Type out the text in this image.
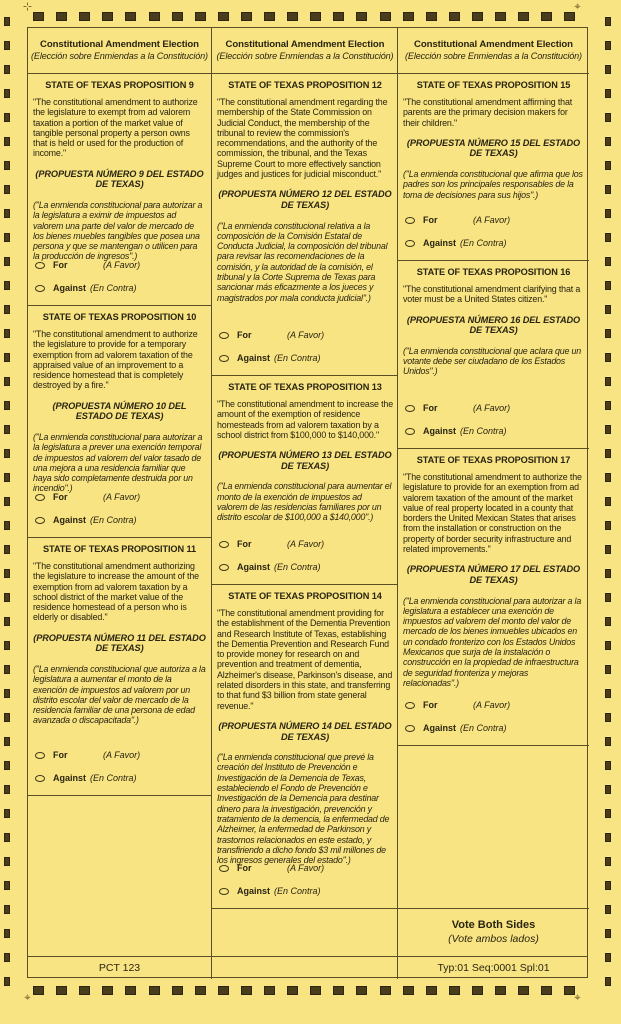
⊹	⌖
⌖	⌖
Constitutional Amendment Election
(Elección sobre Enmiendas a la Constitución)
STATE OF TEXAS PROPOSITION 9
"The constitutional amendment to authorize the legislature to exempt from ad valorem taxation a portion of the market value of tangible personal property a person owns that is held or used for the production of income."
(PROPUESTA NÚMERO 9 DEL ESTADO DE TEXAS)
("La enmienda constitucional para autorizar a la legislatura a eximir de impuestos ad valorem una parte del valor de mercado de los bienes muebles tangibles que posea una persona y que se mantengan o utilicen para la producción de ingresos".)
For	(A Favor)
Against (En Contra)
STATE OF TEXAS PROPOSITION 10
"The constitutional amendment to authorize the legislature to provide for a temporary exemption from ad valorem taxation of the appraised value of an improvement to a residence homestead that is completely destroyed by a fire."
(PROPUESTA NÚMERO 10 DEL ESTADO DE TEXAS)
("La enmienda constitucional para autorizar a la legislatura a prever una exención temporal de impuestos ad valorem del valor tasado de una mejora a una residencia familiar que haya sido completamente destruida por un incendio".)
For	(A Favor)
Against (En Contra)
STATE OF TEXAS PROPOSITION 11
"The constitutional amendment authorizing the legislature to increase the amount of the exemption from ad valorem taxation by a school district of the market value of the residence homestead of a person who is elderly or disabled."
(PROPUESTA NÚMERO 11 DEL ESTADO DE TEXAS)
("La enmienda constitucional que autoriza a la legislatura a aumentar el monto de la exención de impuestos ad valorem por un distrito escolar del valor de mercado de la residencia familiar de una persona de edad avanzada o discapacitada".)
For	(A Favor)
Against (En Contra)
Constitutional Amendment Election
(Elección sobre Enmiendas a la Constitución)
STATE OF TEXAS PROPOSITION 12
"The constitutional amendment regarding the membership of the State Commission on Judicial Conduct, the membership of the tribunal to review the commission's recommendations, and the authority of the commission, the tribunal, and the Texas Supreme Court to more effectively sanction judges and justices for judicial misconduct."
(PROPUESTA NÚMERO 12 DEL ESTADO DE TEXAS)
("La enmienda constitucional relativa a la composición de la Comisión Estatal de Conducta Judicial, la composición del tribunal para revisar las recomendaciones de la comisión, y la autoridad de la comisión, el tribunal y la Corte Suprema de Texas para sancionar más eficazmente a los jueces y magistrados por mala conducta judicial".)
For	(A Favor)
Against (En Contra)
STATE OF TEXAS PROPOSITION 13
"The constitutional amendment to increase the amount of the exemption of residence homesteads from ad valorem taxation by a school district from $100,000 to $140,000."
(PROPUESTA NÚMERO 13 DEL ESTADO DE TEXAS)
("La enmienda constitucional para aumentar el monto de la exención de impuestos ad valorem de las residencias familiares por un distrito escolar de $100,000 a $140,000".)
For	(A Favor)
Against (En Contra)
STATE OF TEXAS PROPOSITION 14
"The constitutional amendment providing for the establishment of the Dementia Prevention and Research Institute of Texas, establishing the Dementia Prevention and Research Fund to provide money for research on and prevention and treatment of dementia, Alzheimer's disease, Parkinson's disease, and related disorders in this state, and transferring to that fund $3 billion from state general revenue."
(PROPUESTA NÚMERO 14 DEL ESTADO DE TEXAS)
("La enmienda constitucional que prevé la creación del Instituto de Prevención e Investigación de la Demencia de Texas, estableciendo el Fondo de Prevención e Investigación de la Demencia para destinar dinero para la investigación, prevención y tratamiento de la demencia, la enfermedad de Alzheimer, la enfermedad de Parkinson y trastornos relacionados en este estado, y transfiriendo a dicho fondo $3 mil millones de los ingresos generales del estado".)
For	(A Favor)
Against (En Contra)
Constitutional Amendment Election
(Elección sobre Enmiendas a la Constitución)
STATE OF TEXAS PROPOSITION 15
"The constitutional amendment affirming that parents are the primary decision makers for their children."
(PROPUESTA NÚMERO 15 DEL ESTADO DE TEXAS)
("La enmienda constitucional que afirma que los padres son los principales responsables de la toma de decisiones para sus hijos".)
For	(A Favor)
Against (En Contra)
STATE OF TEXAS PROPOSITION 16
"The constitutional amendment clarifying that a voter must be a United States citizen."
(PROPUESTA NÚMERO 16 DEL ESTADO DE TEXAS)
("La enmienda constitucional que aclara que un votante debe ser ciudadano de los Estados Unidos".)
For	(A Favor)
Against (En Contra)
STATE OF TEXAS PROPOSITION 17
"The constitutional amendment to authorize the legislature to provide for an exemption from ad valorem taxation of the amount of the market value of real property located in a county that borders the United Mexican States that arises from the installation or construction on the property of border security infrastructure and related improvements."
(PROPUESTA NÚMERO 17 DEL ESTADO DE TEXAS)
("La enmienda constitucional para autorizar a la legislatura a establecer una exención de impuestos ad valorem del monto del valor de mercado de los bienes inmuebles ubicados en un condado fronterizo con los Estados Unidos Mexicanos que surja de la instalación o construcción en la propiedad de infraestructura de seguridad fronteriza y mejoras relacionadas".)
For	(A Favor)
Against (En Contra)
Vote Both Sides
(Vote ambos lados)
PCT 123	Typ:01 Seq:0001 Spl:01
